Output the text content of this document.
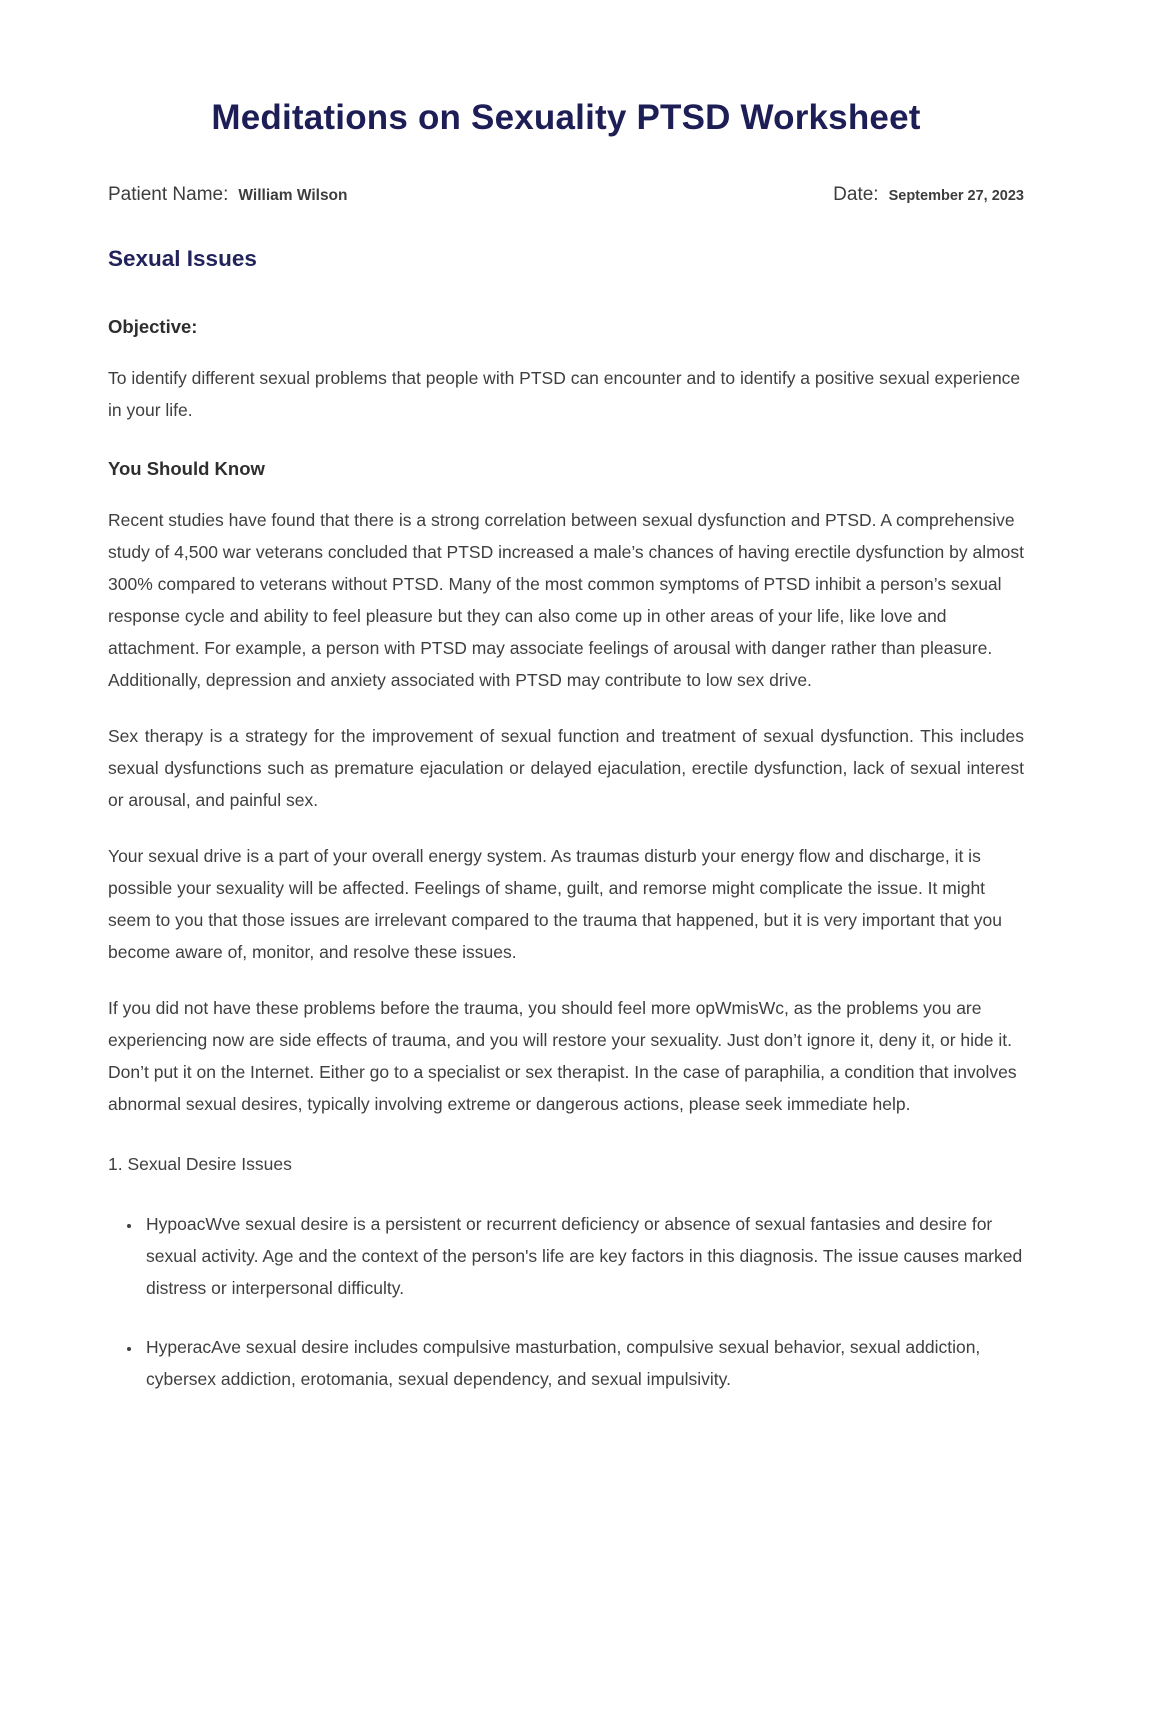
Meditations on Sexuality PTSD Worksheet
Patient Name: William Wilson	Date: September 27, 2023
Sexual Issues
Objective:

To identify different sexual problems that people with PTSD can encounter and to identify a positive sexual experience in your life.

You Should Know

Recent studies have found that there is a strong correlation between sexual dysfunction and PTSD. A comprehensive study of 4,500 war veterans concluded that PTSD increased a male’s chances of having erectile dysfunction by almost 300% compared to veterans without PTSD. Many of the most common symptoms of PTSD inhibit a person’s sexual response cycle and ability to feel pleasure but they can also come up in other areas of your life, like love and attachment. For example, a person with PTSD may associate feelings of arousal with danger rather than pleasure. Additionally, depression and anxiety associated with PTSD may contribute to low sex drive.

Sex therapy is a strategy for the improvement of sexual function and treatment of sexual dysfunction. This includes sexual dysfunctions such as premature ejaculation or delayed ejaculation, erectile dysfunction, lack of sexual interest or arousal, and painful sex.

Your sexual drive is a part of your overall energy system. As traumas disturb your energy flow and discharge, it is possible your sexuality will be affected. Feelings of shame, guilt, and remorse might complicate the issue. It might seem to you that those issues are irrelevant compared to the trauma that happened, but it is very important that you become aware of, monitor, and resolve these issues.

If you did not have these problems before the trauma, you should feel more opWmisWc, as the problems you are experiencing now are side effects of trauma, and you will restore your sexuality. Just don’t ignore it, deny it, or hide it. Don’t put it on the Internet. Either go to a specialist or sex therapist. In the case of paraphilia, a condition that involves abnormal sexual desires, typically involving extreme or dangerous actions, please seek immediate help.

1. Sexual Desire Issues
• HypoacWve sexual desire is a persistent or recurrent deficiency or absence of sexual fantasies and desire for sexual activity. Age and the context of the person's life are key factors in this diagnosis. The issue causes marked distress or interpersonal difficulty.
• HyperacAve sexual desire includes compulsive masturbation, compulsive sexual behavior, sexual addiction, cybersex addiction, erotomania, sexual dependency, and sexual impulsivity.
